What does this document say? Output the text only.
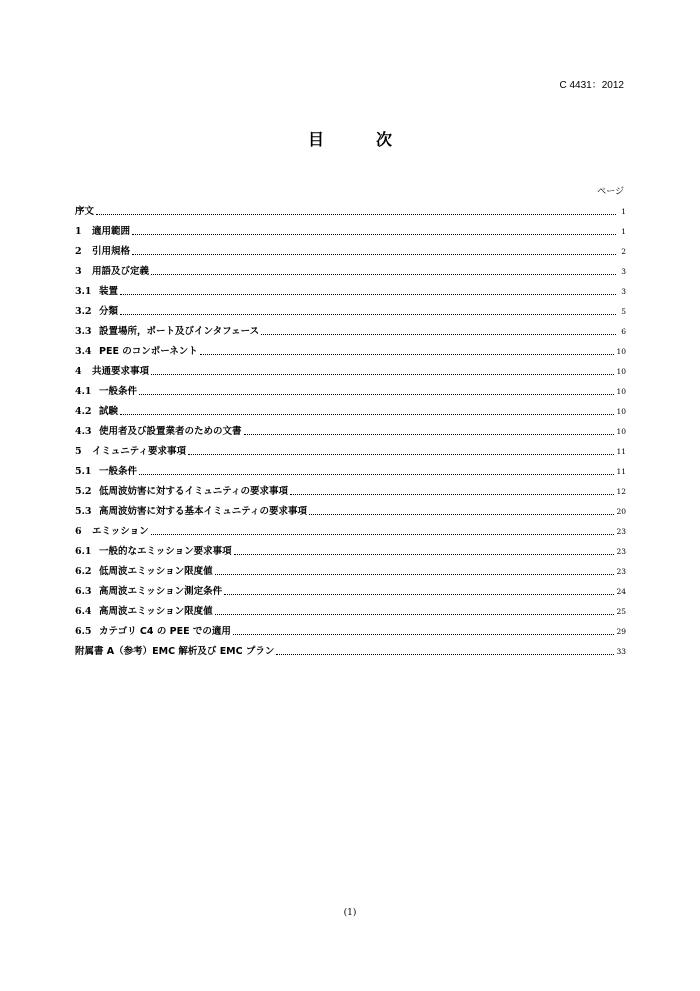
C 4431：2012
目　次
ページ
序文	1
1 適用範囲	1
2 引用規格	2
3 用語及び定義	3
3.1 装置	3
3.2 分類	5
3.3 設置場所，ポート及びインタフェース	6
3.4 PEE のコンポーネント	10
4 共通要求事項	10
4.1 一般条件	10
4.2 試験	10
4.3 使用者及び設置業者のための文書	10
5 イミュニティ要求事項	11
5.1 一般条件	11
5.2 低周波妨害に対するイミュニティの要求事項	12
5.3 高周波妨害に対する基本イミュニティの要求事項	20
6 エミッション	23
6.1 一般的なエミッション要求事項	23
6.2 低周波エミッション限度値	23
6.3 高周波エミッション測定条件	24
6.4 高周波エミッション限度値	25
6.5 カテゴリ C4 の PEE での適用	29
附属書 A（参考）EMC 解析及び EMC プラン	33
(1)
